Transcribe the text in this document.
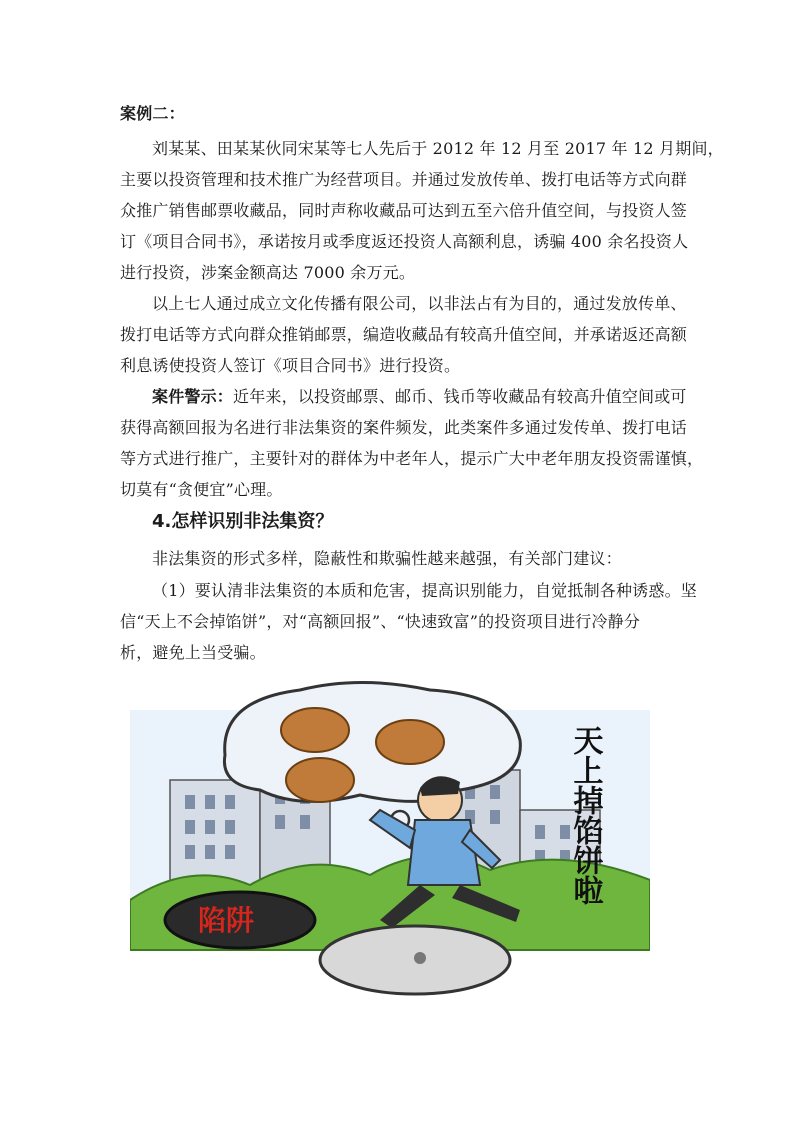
案例二：
刘某某、田某某伙同宋某等七人先后于 2012 年 12 月至 2017 年 12 月期间，
主要以投资管理和技术推广为经营项目。并通过发放传单、拨打电话等方式向群
众推广销售邮票收藏品，同时声称收藏品可达到五至六倍升值空间，与投资人签
订《项目合同书》，承诺按月或季度返还投资人高额利息，诱骗 400 余名投资人
进行投资，涉案金额高达 7000 余万元。
以上七人通过成立文化传播有限公司，以非法占有为目的，通过发放传单、
拨打电话等方式向群众推销邮票，编造收藏品有较高升值空间，并承诺返还高额
利息诱使投资人签订《项目合同书》进行投资。
案件警示：近年来，以投资邮票、邮币、钱币等收藏品有较高升值空间或可
获得高额回报为名进行非法集资的案件频发，此类案件多通过发传单、拨打电话
等方式进行推广，主要针对的群体为中老年人，提示广大中老年朋友投资需谨慎，
切莫有“贪便宜”心理。
4.怎样识别非法集资？
非法集资的形式多样，隐蔽性和欺骗性越来越强，有关部门建议：
（1）要认清非法集资的本质和危害，提高识别能力，自觉抵制各种诱惑。坚
信“天上不会掉馅饼”，对“高额回报”、“快速致富”的投资项目进行冷静分
析，避免上当受骗。
天上掉馅饼啦
陷阱
